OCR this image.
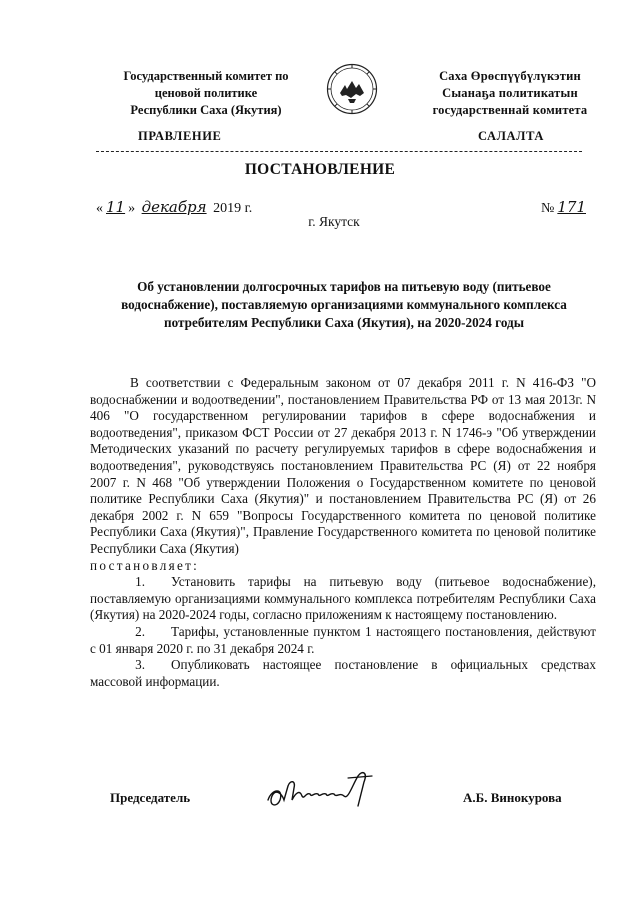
Государственный комитет по
ценовой политике
Республики Саха (Якутия)
Саха Өрөспүүбүлүкэтин
Сыанаҕа политикатын
государственнай комитета
ПРАВЛЕНИЕ	САЛАЛТА
ПОСТАНОВЛЕНИЕ
« 11 » декабря 2019 г.	№ 171
г. Якутск
Об установлении долгосрочных тарифов на питьевую воду (питьевое водоснабжение), поставляемую организациями коммунального комплекса потребителям Республики Саха (Якутия), на 2020-2024 годы

В соответствии с Федеральным законом от 07 декабря 2011 г. N 416-ФЗ "О водоснабжении и водоотведении", постановлением Правительства РФ от 13 мая 2013г. N 406 "О государственном регулировании тарифов в сфере водоснабжения и водоотведения", приказом ФСТ России от 27 декабря 2013 г. N 1746-э "Об утверждении Методических указаний по расчету регулируемых тарифов в сфере водоснабжения и водоотведения", руководствуясь постановлением Правительства РС (Я) от 22 ноября 2007 г. N 468 "Об утверждении Положения о Государственном комитете по ценовой политике Республики Саха (Якутия)" и постановлением Правительства РС (Я) от 26 декабря 2002 г. N 659 "Вопросы Государственного комитета по ценовой политике Республики Саха (Якутия)", Правление Государственного комитета по ценовой политике Республики Саха (Якутия)

постановляет:

1. Установить тарифы на питьевую воду (питьевое водоснабжение), поставляемую организациями коммунального комплекса потребителям Республики Саха (Якутия) на 2020-2024 годы, согласно приложениям к настоящему постановлению.

2. Тарифы, установленные пунктом 1 настоящего постановления, действуют с 01 января 2020 г. по 31 декабря 2024 г.

3. Опубликовать настоящее постановление в официальных средствах массовой информации.

Председатель	А.Б. Винокурова
